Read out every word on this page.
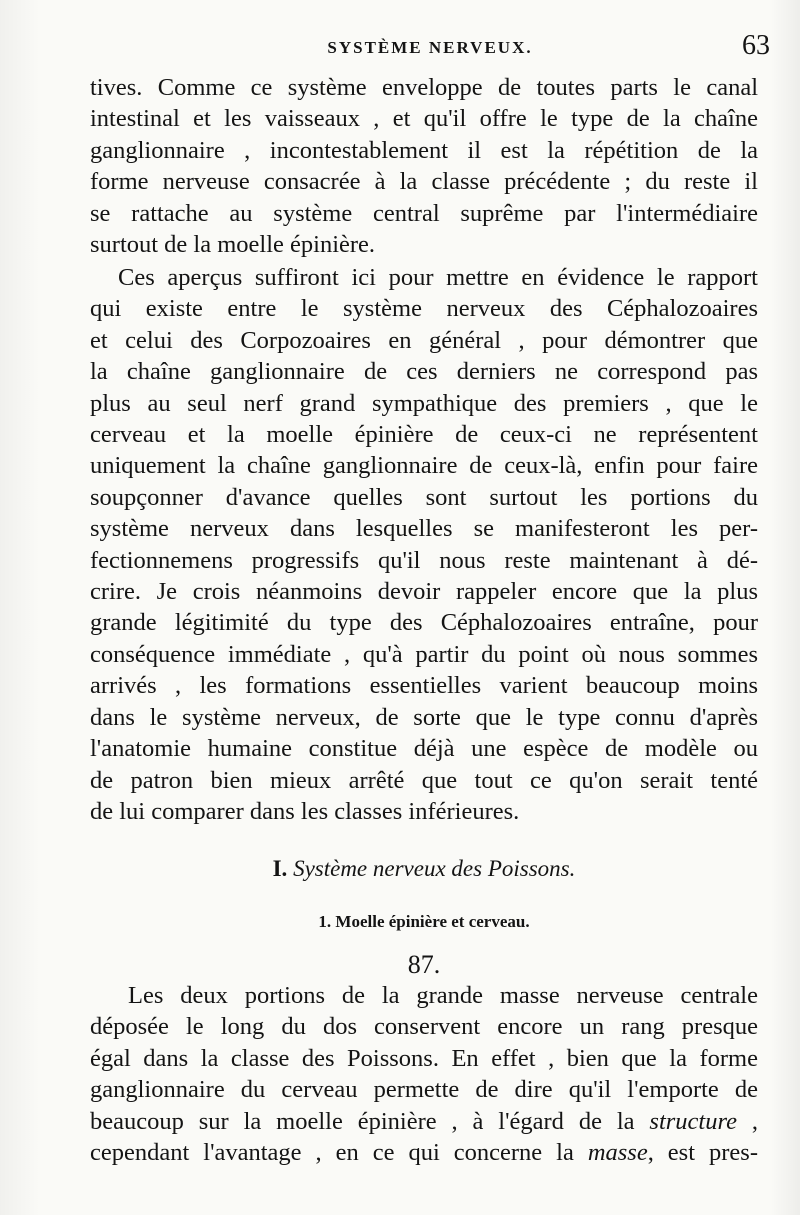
SYSTÈME NERVEUX.	63
tives. Comme ce système enveloppe de toutes parts le canal
intestinal et les vaisseaux , et qu'il offre le type de la chaîne
ganglionnaire , incontestablement il est la répétition de la
forme nerveuse consacrée à la classe précédente ; du reste il
se rattache au système central suprême par l'intermédiaire
surtout de la moelle épinière.
Ces aperçus suffiront ici pour mettre en évidence le rapport
qui existe entre le système nerveux des Céphalozoaires
et celui des Corpozoaires en général , pour démontrer que
la chaîne ganglionnaire de ces derniers ne correspond pas
plus au seul nerf grand sympathique des premiers , que le
cerveau et la moelle épinière de ceux-ci ne représentent
uniquement la chaîne ganglionnaire de ceux-là, enfin pour faire
soupçonner d'avance quelles sont surtout les portions du
système nerveux dans lesquelles se manifesteront les per-
fectionnemens progressifs qu'il nous reste maintenant à dé-
crire. Je crois néanmoins devoir rappeler encore que la plus
grande légitimité du type des Céphalozoaires entraîne, pour
conséquence immédiate , qu'à partir du point où nous sommes
arrivés , les formations essentielles varient beaucoup moins
dans le système nerveux, de sorte que le type connu d'après
l'anatomie humaine constitue déjà une espèce de modèle ou
de patron bien mieux arrêté que tout ce qu'on serait tenté
de lui comparer dans les classes inférieures.
I. Système nerveux des Poissons.
1. Moelle épinière et cerveau.
87.
Les deux portions de la grande masse nerveuse centrale
déposée le long du dos conservent encore un rang presque
égal dans la classe des Poissons. En effet , bien que la forme
ganglionnaire du cerveau permette de dire qu'il l'emporte de
beaucoup sur la moelle épinière , à l'égard de la structure ,
cependant l'avantage , en ce qui concerne la masse, est pres-
